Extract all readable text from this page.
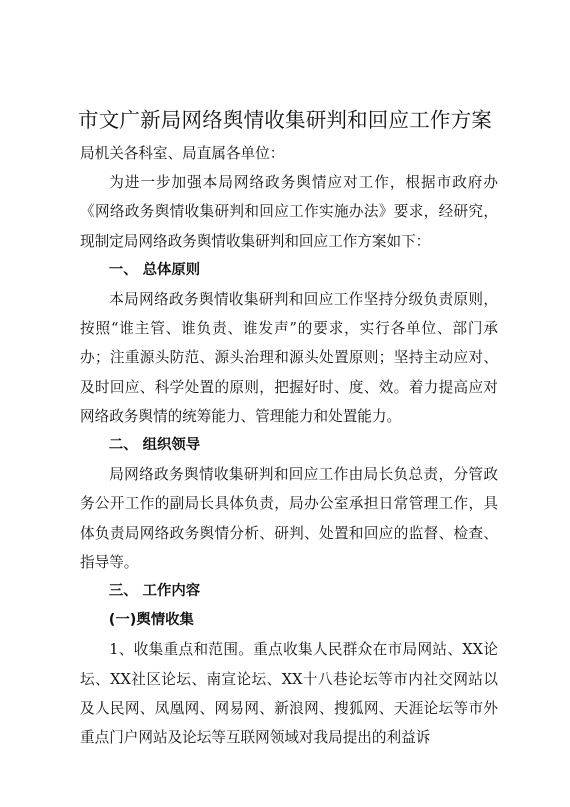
市文广新局网络舆情收集研判和回应工作方案

局机关各科室、局直属各单位：

为进一步加强本局网络政务舆情应对工作，根据市政府办《网络政务舆情收集研判和回应工作实施办法》要求，经研究，现制定局网络政务舆情收集研判和回应工作方案如下：

一、 总体原则

本局网络政务舆情收集研判和回应工作坚持分级负责原则，按照“谁主管、谁负责、谁发声”的要求，实行各单位、部门承办；注重源头防范、源头治理和源头处置原则；坚持主动应对、及时回应、科学处置的原则，把握好时、度、效。着力提高应对网络政务舆情的统筹能力、管理能力和处置能力。

二、 组织领导

局网络政务舆情收集研判和回应工作由局长负总责，分管政务公开工作的副局长具体负责，局办公室承担日常管理工作，具体负责局网络政务舆情分析、研判、处置和回应的监督、检查、指导等。

三、 工作内容

(一)舆情收集

1、收集重点和范围。重点收集人民群众在市局网站、XX论坛、XX社区论坛、南宣论坛、XX十八巷论坛等市内社交网站以及人民网、凤凰网、网易网、新浪网、搜狐网、天涯论坛等市外重点门户网站及论坛等互联网领域对我局提出的利益诉
